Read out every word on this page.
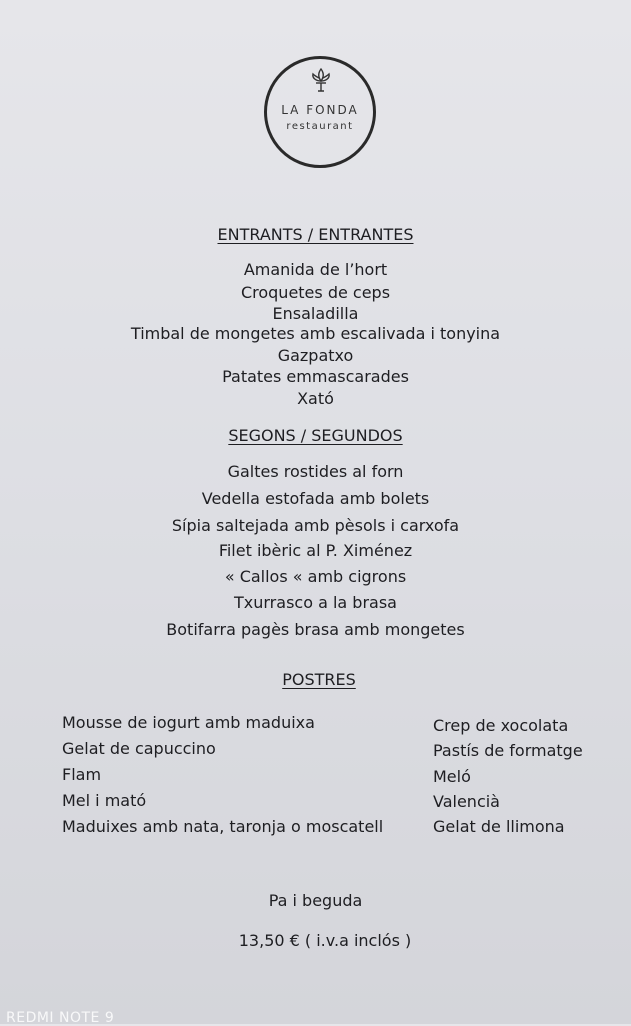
LA FONDA
restaurant
ENTRANTS / ENTRANTES
Amanida de l’hort
Croquetes de ceps
Ensaladilla
Timbal de mongetes amb escalivada i tonyina
Gazpatxo
Patates emmascarades
Xató
SEGONS / SEGUNDOS
Galtes rostides al forn
Vedella estofada amb bolets
Sípia saltejada amb pèsols i carxofa
Filet ibèric al P. Ximénez
« Callos « amb cigrons
Txurrasco a la brasa
Botifarra pagès brasa amb mongetes
POSTRES
Mousse de iogurt amb maduixa
Gelat de capuccino
Flam
Mel i mató
Maduixes amb nata, taronja o moscatell
Crep de xocolata
Pastís de formatge
Meló
Valencià
Gelat de llimona
Pa i beguda
13,50 € ( i.v.a inclós )
REDMI NOTE 9
